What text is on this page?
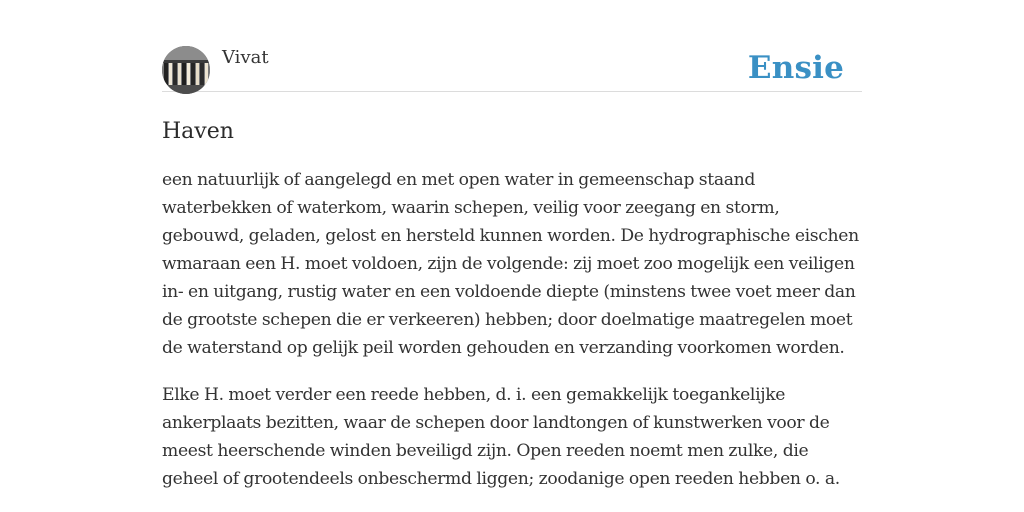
Vivat	Ensie
Haven

een natuurlijk of aangelegd en met open water in gemeenschap staand waterbekken of waterkom, waarin schepen, veilig voor zeegang en storm, gebouwd, geladen, gelost en hersteld kunnen worden. De hydrographische eischen wmaraan een H. moet voldoen, zijn de volgende: zij moet zoo mogelijk een veiligen in- en uitgang, rustig water en een voldoende diepte (minstens twee voet meer dan de grootste schepen die er verkeeren) hebben; door doelmatige maatregelen moet de waterstand op gelijk peil worden gehouden en verzanding voorkomen worden.

Elke H. moet verder een reede hebben, d. i. een gemakkelijk toegankelijke ankerplaats bezitten, waar de schepen door landtongen of kunstwerken voor de meest heerschende winden beveiligd zijn. Open reeden noemt men zulke, die geheel of grootendeels onbeschermd liggen; zoodanige open reeden hebben o. a.
